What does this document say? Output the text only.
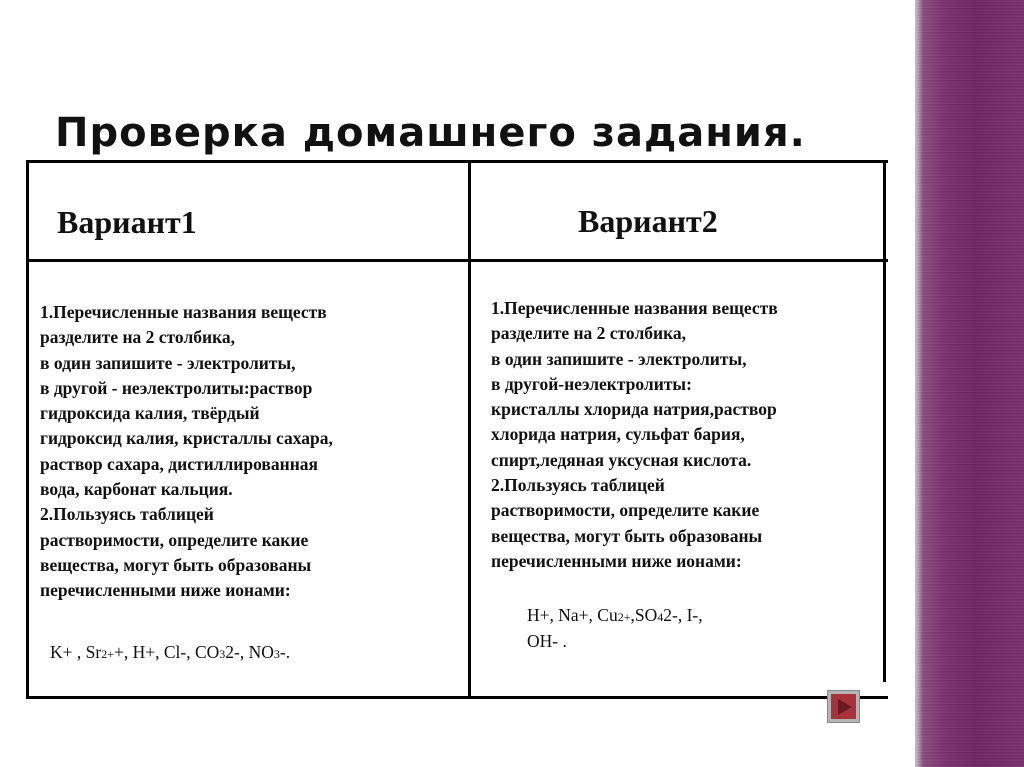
Проверка домашнего задания.
Вариант1	Вариант2
1.Перечисленные названия веществ
разделите на 2 столбика,
в один запишите - электролиты,
в другой - неэлектролиты:раствор
гидроксида калия, твёрдый
гидроксид калия, кристаллы сахара,
раствор сахара, дистиллированная
вода, карбонат кальция.
2.Пользуясь таблицей
растворимости, определите какие
вещества, могут быть образованы
перечисленными ниже ионами:
K+ , Sr2++, H+, Cl-, CO32-, NO3-.
1.Перечисленные названия веществ
разделите на 2 столбика,
в один запишите - электролиты,
в другой-неэлектролиты:
кристаллы хлорида натрия,раствор
хлорида натрия, сульфат бария,
спирт,ледяная уксусная кислота.
2.Пользуясь таблицей
растворимости, определите какие
вещества, могут быть образованы
перечисленными ниже ионами:
H+, Na+, Cu2+,SO42-, I-,
OH- .
